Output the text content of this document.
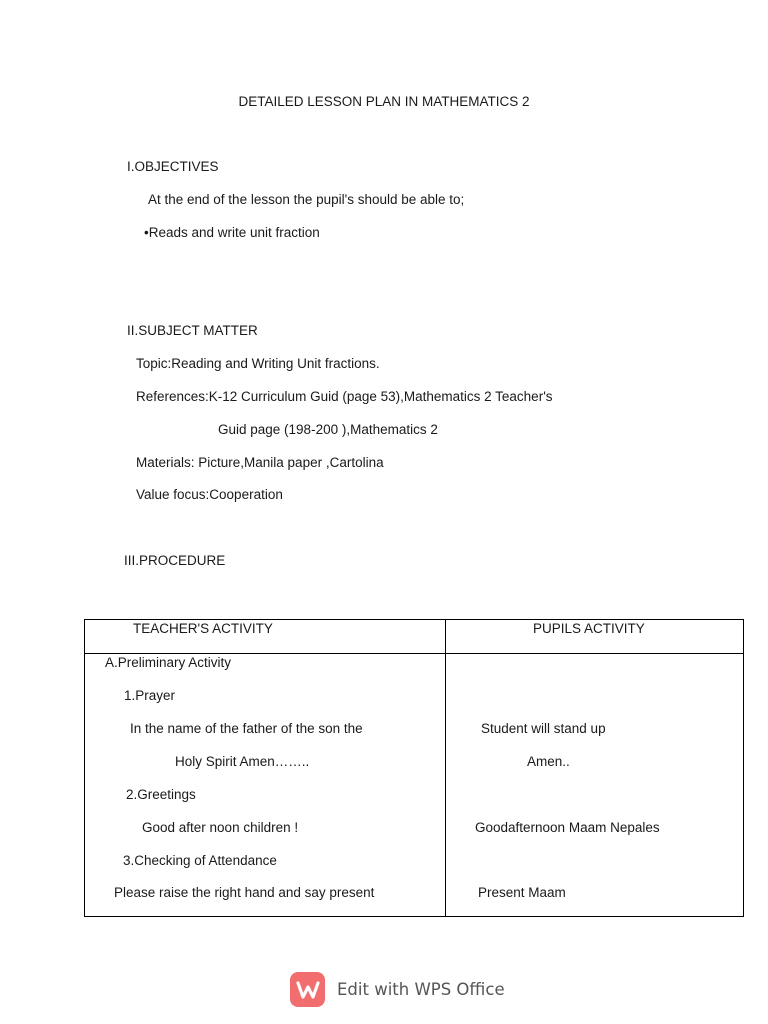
DETAILED LESSON PLAN IN MATHEMATICS 2
I.OBJECTIVES
At the end of the lesson the pupil's should be able to;
•Reads and write unit fraction
II.SUBJECT MATTER
Topic:Reading and Writing Unit fractions.
References:K-12 Curriculum Guid (page 53),Mathematics 2 Teacher's
Guid page (198-200 ),Mathematics 2
Materials: Picture,Manila paper ,Cartolina
Value focus:Cooperation
III.PROCEDURE
TEACHER'S ACTIVITY	PUPILS ACTIVITY
A.Preliminary Activity
1.Prayer
In the name of the father of the son the
Holy Spirit Amen……..
2.Greetings
Good after noon children !
3.Checking of Attendance
Please raise the right hand and say present
Student will stand up
Amen..
Goodafternoon Maam Nepales
Present Maam
Edit with WPS Office
